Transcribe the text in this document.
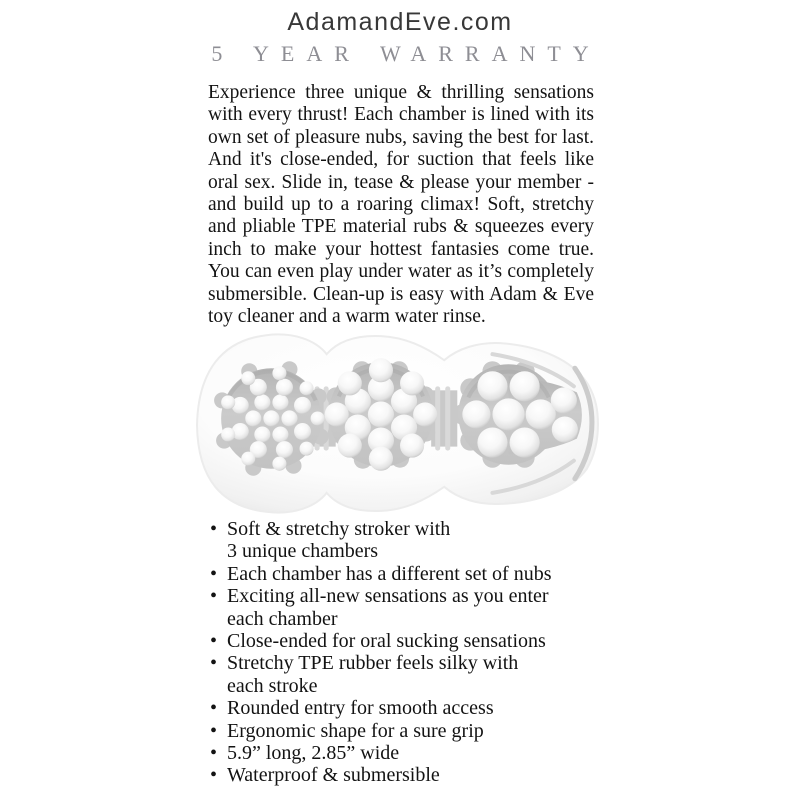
AdamandEve.com
5 YEAR WARRANTY
Experience three unique & thrilling sensations
with every thrust! Each chamber is lined with its
own set of pleasure nubs, saving the best for last.
And it's close-ended, for suction that feels like
oral sex. Slide in, tease & please your member -
and build up to a roaring climax! Soft, stretchy
and pliable TPE material rubs & squeezes every
inch to make your hottest fantasies come true.
You can even play under water as it’s completely
submersible. Clean-up is easy with Adam & Eve
toy cleaner and a warm water rinse.
• Soft & stretchy stroker with
3 unique chambers
• Each chamber has a different set of nubs
• Exciting all-new sensations as you enter
each chamber
• Close-ended for oral sucking sensations
• Stretchy TPE rubber feels silky with
each stroke
• Rounded entry for smooth access
• Ergonomic shape for a sure grip
• 5.9” long, 2.85” wide
• Waterproof & submersible
